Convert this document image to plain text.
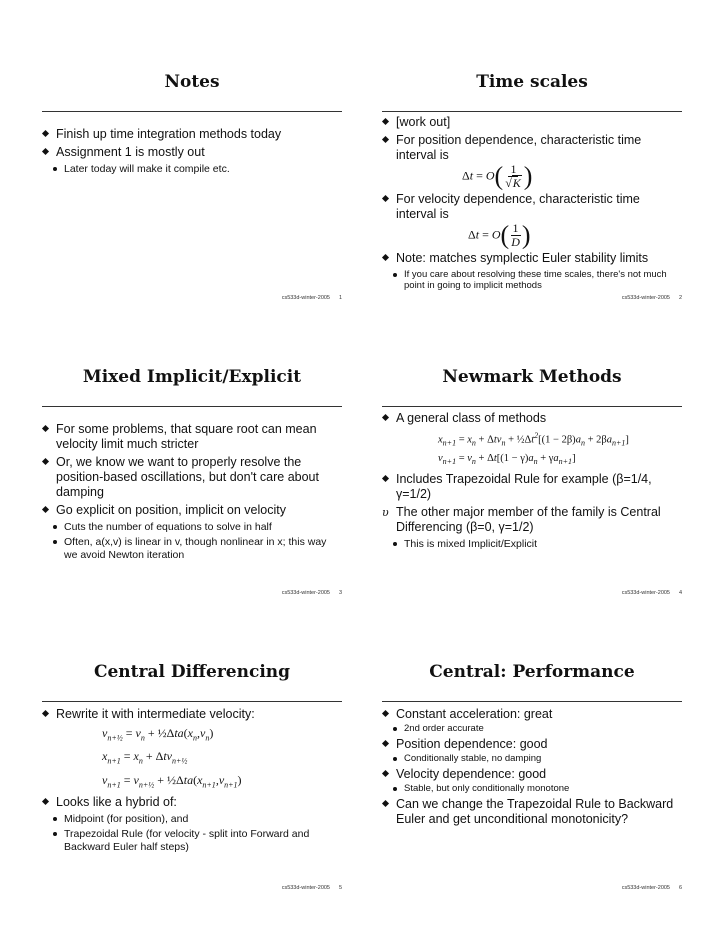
Notes
Finish up time integration methods today
Assignment 1 is mostly out
Later today will make it compile etc.
cs533d-winter-2005 1
Time scales
[work out]
For position dependence, characteristic time interval is
$\Delta t = O( \frac{1}{√K}$ )
For velocity dependence, characteristic time interval is
$\Delta t = O( \frac{1}{D}$ )
Note: matches symplectic Euler stability limits
If you care about resolving these time scales, there's not much point in going to implicit methods
cs533d-winter-2005 2
Mixed Implicit/Explicit
For some problems, that square root can mean velocity limit much stricter
Or, we know we want to properly resolve the position-based oscillations, but don't care about damping
Go explicit on position, implicit on velocity
Cuts the number of equations to solve in half
Often, a(x,v) is linear in v, though nonlinear in x; this way we avoid Newton iteration
cs533d-winter-2005 3
Newmark Methods
A general class of methods
$x_{n+1} = x_n + \Delta tv_n$ + $\frac{1}{2}\Delta t^2[(1 - 2\beta)a_n + 2\beta a_{n+1}]$
$v_{n+1} = v_n + \Delta t[(1 - \gamma)a_n + \gamma a_{n+1}]$
Includes Trapezoidal Rule for example (β=1/4, γ=1/2)
υ The other major member of the family is Central Differencing (β=0, γ=1/2)
This is mixed Implicit/Explicit
cs533d-winter-2005 4
Central Differencing
Rewrite it with intermediate velocity:
$v_{n+\frac{1}{2}} = v_n$ + $\frac{1}{2}\Delta ta(x_n,v_n)$
$x_{n+1} = x_n + \Delta tv_{n+\frac{1}{2}}$
$v_{n+1} = v_{n+\frac{1}{2}}$ + $\frac{1}{2}\Delta ta(x_{n+1},v_{n+1})$
Looks like a hybrid of:
Midpoint (for position), and
Trapezoidal Rule (for velocity - split into Forward and Backward Euler half steps)
cs533d-winter-2005 5
Central: Performance
Constant acceleration: great
2nd order accurate
Position dependence: good
Conditionally stable, no damping
Velocity dependence: good
Stable, but only conditionally monotone
Can we change the Trapezoidal Rule to Backward Euler and get unconditional monotonicity?
cs533d-winter-2005 6
